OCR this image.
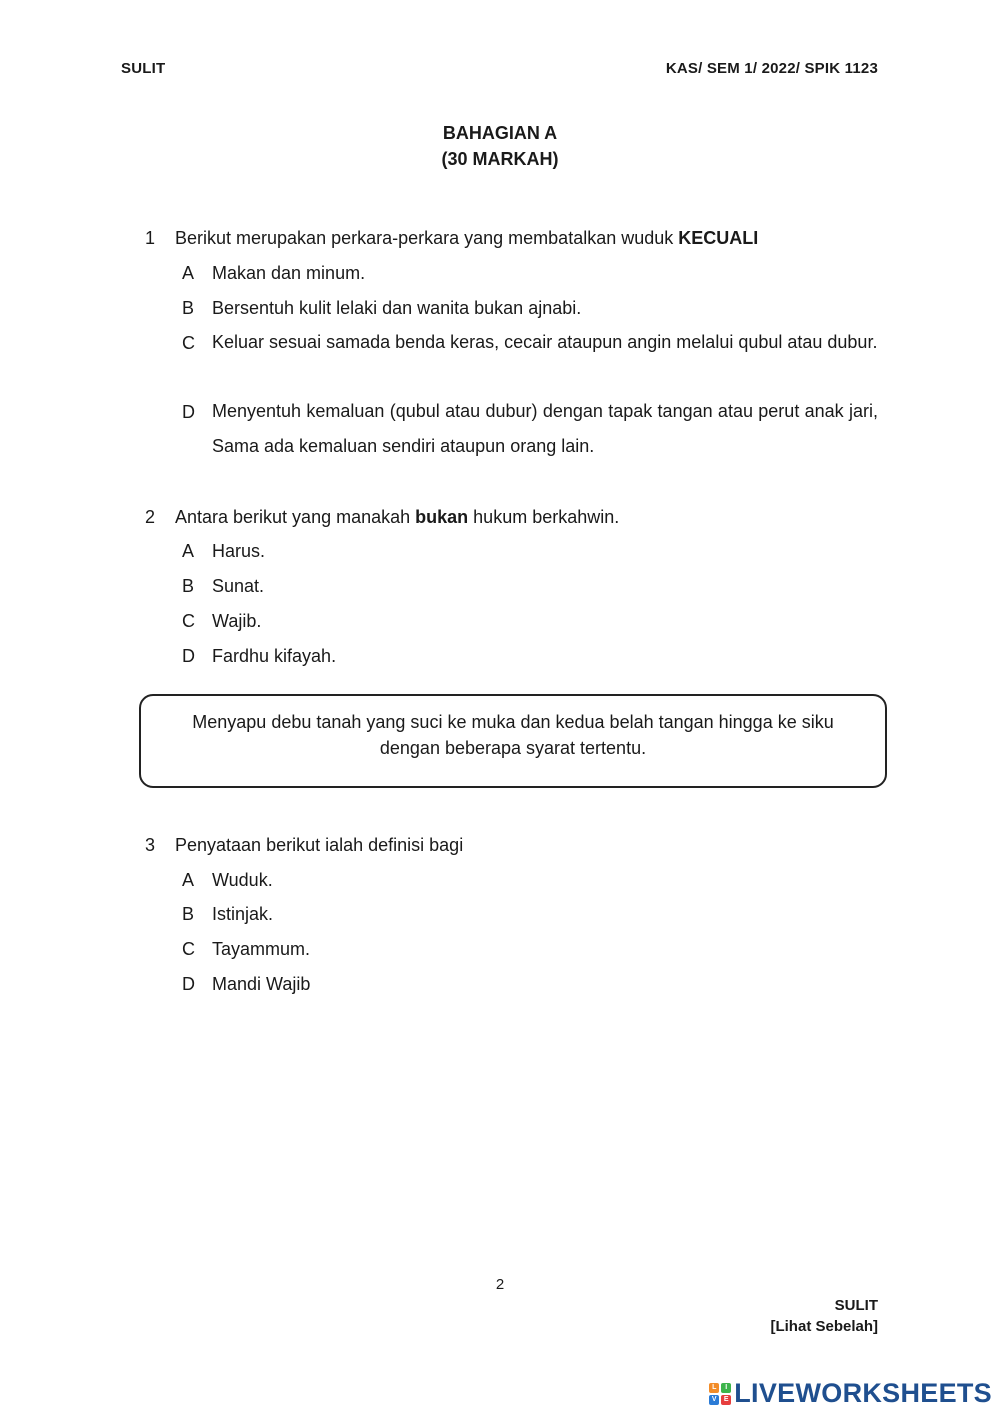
SULIT	KAS/ SEM 1/ 2022/ SPIK 1123
BAHAGIAN A
(30 MARKAH)
1 Berikut merupakan perkara-perkara yang membatalkan wuduk KECUALI
A Makan dan minum.
B Bersentuh kulit lelaki dan wanita bukan ajnabi.
C Keluar sesuai samada benda keras, cecair ataupun angin melalui qubul atau dubur.
D Menyentuh kemaluan (qubul atau dubur) dengan tapak tangan atau perut anak jari, Sama ada kemaluan sendiri ataupun orang lain.
2 Antara berikut yang manakah bukan hukum berkahwin.
A Harus.
B Sunat.
C Wajib.
D Fardhu kifayah.
Menyapu debu tanah yang suci ke muka dan kedua belah tangan hingga ke siku dengan beberapa syarat tertentu.
3 Penyataan berikut ialah definisi bagi
A Wuduk.
B Istinjak.
C Tayammum.
D Mandi Wajib
2
SULIT
[Lihat Sebelah]
L	I
V	E LIVEWORKSHEETS
